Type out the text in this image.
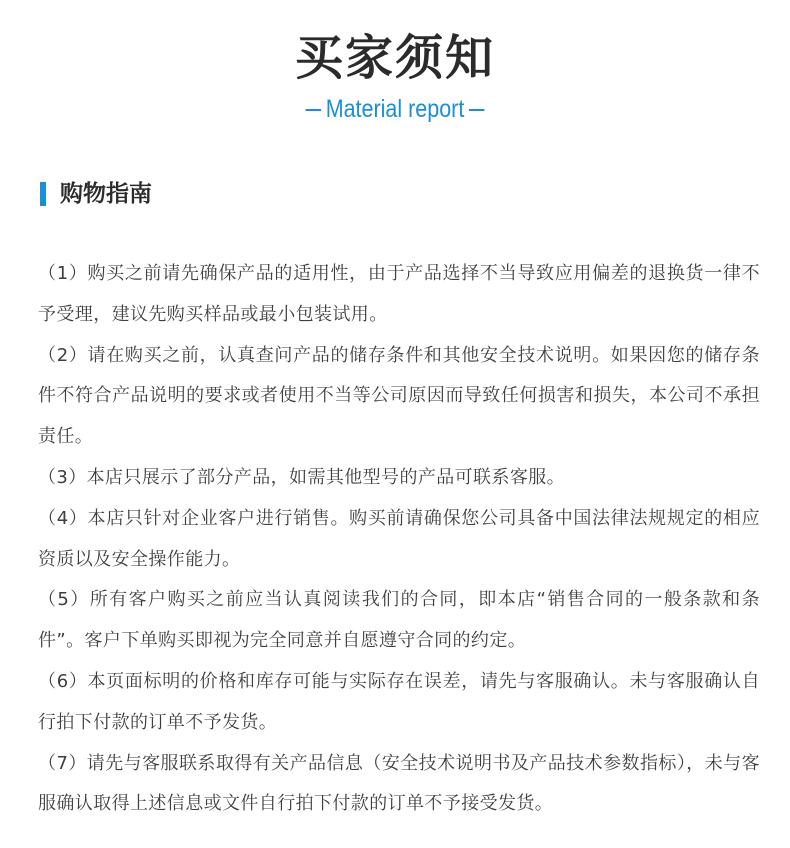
买家须知
Material report
购物指南
（1）购买之前请先确保产品的适用性，由于产品选择不当导致应用偏差的退换货一律不予受理，建议先购买样品或最小包装试用。
（2）请在购买之前，认真查问产品的储存条件和其他安全技术说明。如果因您的储存条件不符合产品说明的要求或者使用不当等公司原因而导致任何损害和损失，本公司不承担责任。
（3）本店只展示了部分产品，如需其他型号的产品可联系客服。
（4）本店只针对企业客户进行销售。购买前请确保您公司具备中国法律法规规定的相应资质以及安全操作能力。
（5）所有客户购买之前应当认真阅读我们的合同，即本店“销售合同的一般条款和条件”。客户下单购买即视为完全同意并自愿遵守合同的约定。
（6）本页面标明的价格和库存可能与实际存在误差，请先与客服确认。未与客服确认自行拍下付款的订单不予发货。
（7）请先与客服联系取得有关产品信息（安全技术说明书及产品技术参数指标），未与客服确认取得上述信息或文件自行拍下付款的订单不予接受发货。
